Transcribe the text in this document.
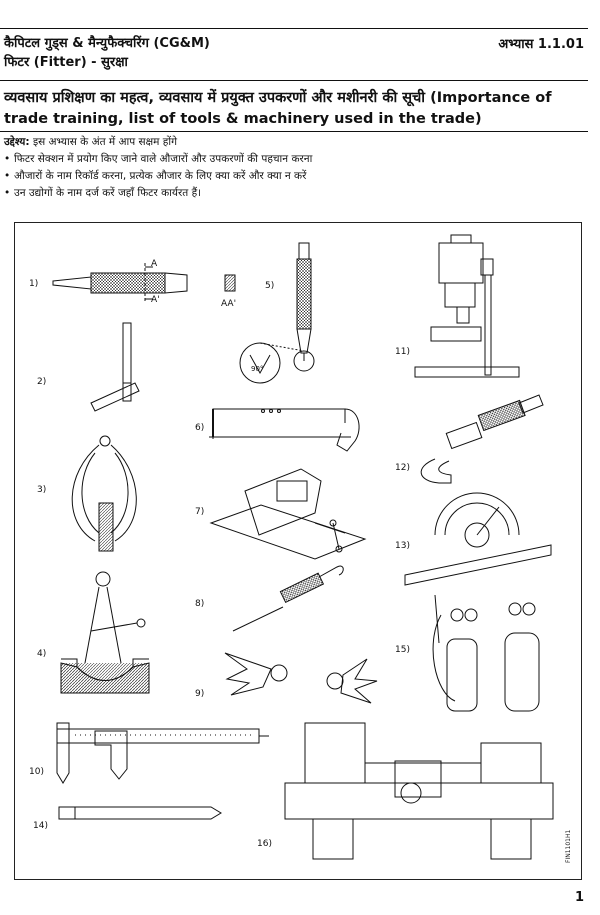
कैपिटल गुड्स & मैन्युफैक्चरिंग (CG&M)
फिटर (Fitter) - सुरक्षा
अभ्यास 1.1.01
व्यवसाय प्रशिक्षण का महत्व, व्यवसाय में प्रयुक्त उपकरणों और मशीनरी की सूची (Importance of trade training, list of tools & machinery used in the trade)
उद्देश्य: इस अभ्यास के अंत में आप सक्षम होंगे
• फिटर सेक्शन में प्रयोग किए जाने वाले औजारों और उपकरणों की पहचान करना
• औजारों के नाम रिकॉर्ड करना, प्रत्येक औजार के लिए क्या करें और क्या न करें
• उन उद्योगों के नाम दर्ज करें जहाँ फिटर कार्यरत हैं।
1)
A
A'	AA'
2)
3)
4)
5)
90°
6)
7)
8)
9)
10)
11)
12)
13)
14)
15)
16)	FIN1101H1
1
